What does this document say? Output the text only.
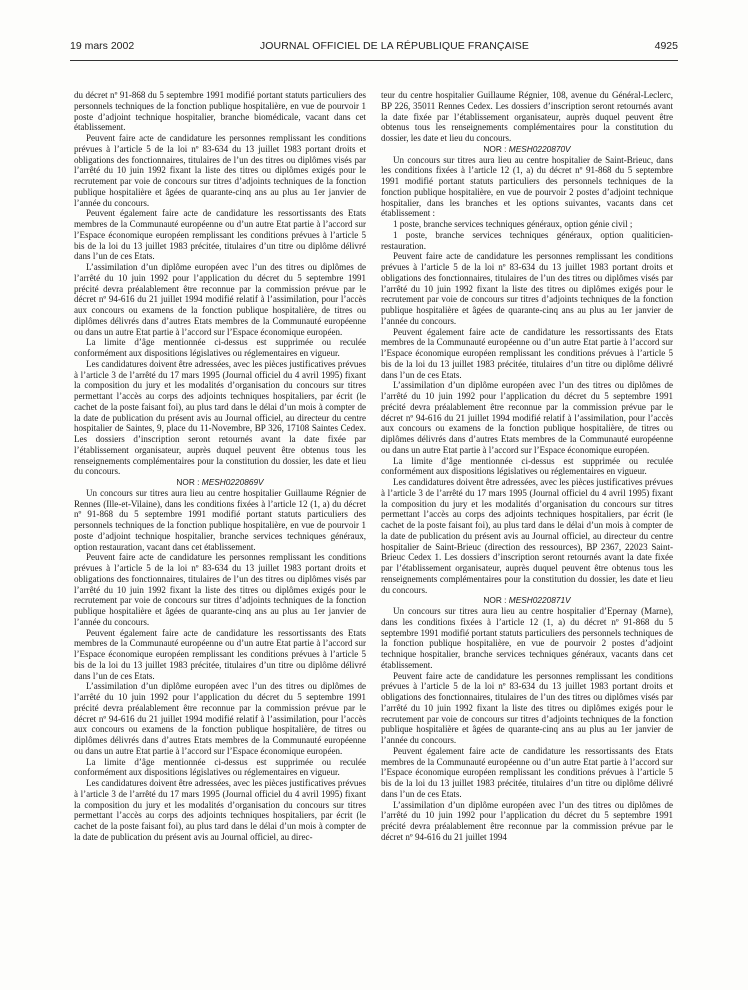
19 mars 2002	JOURNAL OFFICIEL DE LA RÉPUBLIQUE FRANÇAISE	4925

du décret nº 91-868 du 5 septembre 1991 modifié portant statuts particuliers des personnels techniques de la fonction publique hospitalière, en vue de pourvoir 1 poste d’adjoint technique hospitalier, branche biomédicale, vacant dans cet établissement.

Peuvent faire acte de candidature les personnes remplissant les conditions prévues à l’article 5 de la loi nº 83-634 du 13 juillet 1983 portant droits et obligations des fonctionnaires, titulaires de l’un des titres ou diplômes visés par l’arrêté du 10 juin 1992 fixant la liste des titres ou diplômes exigés pour le recrutement par voie de concours sur titres d’adjoints techniques de la fonction publique hospitalière et âgées de quarante-cinq ans au plus au 1er janvier de l’année du concours.

Peuvent également faire acte de candidature les ressortissants des Etats membres de la Communauté européenne ou d’un autre Etat partie à l’accord sur l’Espace économique européen remplissant les conditions prévues à l’article 5 bis de la loi du 13 juillet 1983 précitée, titulaires d’un titre ou diplôme délivré dans l’un de ces Etats.

L’assimilation d’un diplôme européen avec l’un des titres ou diplômes de l’arrêté du 10 juin 1992 pour l’application du décret du 5 septembre 1991 précité devra préalablement être reconnue par la commission prévue par le décret nº 94-616 du 21 juillet 1994 modifié relatif à l’assimilation, pour l’accès aux concours ou examens de la fonction publique hospitalière, de titres ou diplômes délivrés dans d’autres Etats membres de la Communauté européenne ou dans un autre Etat partie à l’accord sur l’Espace économique européen.

La limite d’âge mentionnée ci-dessus est supprimée ou reculée conformément aux dispositions législatives ou réglementaires en vigueur.

Les candidatures doivent être adressées, avec les pièces justificatives prévues à l’article 3 de l’arrêté du 17 mars 1995 (Journal officiel du 4 avril 1995) fixant la composition du jury et les modalités d’organisation du concours sur titres permettant l’accès au corps des adjoints techniques hospitaliers, par écrit (le cachet de la poste faisant foi), au plus tard dans le délai d’un mois à compter de la date de publication du présent avis au Journal officiel, au directeur du centre hospitalier de Saintes, 9, place du 11-Novembre, BP 326, 17108 Saintes Cedex. Les dossiers d’inscription seront retournés avant la date fixée par l’établissement organisateur, auprès duquel peuvent être obtenus tous les renseignements complémentaires pour la constitution du dossier, les date et lieu du concours.

NOR : MESH0220869V

Un concours sur titres aura lieu au centre hospitalier Guillaume Régnier de Rennes (Ille-et-Vilaine), dans les conditions fixées à l’article 12 (1, a) du décret nº 91-868 du 5 septembre 1991 modifié portant statuts particuliers des personnels techniques de la fonction publique hospitalière, en vue de pourvoir 1 poste d’adjoint technique hospitalier, branche services techniques généraux, option restauration, vacant dans cet établissement.

Peuvent faire acte de candidature les personnes remplissant les conditions prévues à l’article 5 de la loi nº 83-634 du 13 juillet 1983 portant droits et obligations des fonctionnaires, titulaires de l’un des titres ou diplômes visés par l’arrêté du 10 juin 1992 fixant la liste des titres ou diplômes exigés pour le recrutement par voie de concours sur titres d’adjoints techniques de la fonction publique hospitalière et âgées de quarante-cinq ans au plus au 1er janvier de l’année du concours.

Peuvent également faire acte de candidature les ressortissants des Etats membres de la Communauté européenne ou d’un autre Etat partie à l’accord sur l’Espace économique européen remplissant les conditions prévues à l’article 5 bis de la loi du 13 juillet 1983 précitée, titulaires d’un titre ou diplôme délivré dans l’un de ces Etats.

L’assimilation d’un diplôme européen avec l’un des titres ou diplômes de l’arrêté du 10 juin 1992 pour l’application du décret du 5 septembre 1991 précité devra préalablement être reconnue par la commission prévue par le décret nº 94-616 du 21 juillet 1994 modifié relatif à l’assimilation, pour l’accès aux concours ou examens de la fonction publique hospitalière, de titres ou diplômes délivrés dans d’autres Etats membres de la Communauté européenne ou dans un autre Etat partie à l’accord sur l’Espace économique européen.

La limite d’âge mentionnée ci-dessus est supprimée ou reculée conformément aux dispositions législatives ou réglementaires en vigueur.

Les candidatures doivent être adressées, avec les pièces justificatives prévues à l’article 3 de l’arrêté du 17 mars 1995 (Journal officiel du 4 avril 1995) fixant la composition du jury et les modalités d’organisation du concours sur titres permettant l’accès au corps des adjoints techniques hospitaliers, par écrit (le cachet de la poste faisant foi), au plus tard dans le délai d’un mois à compter de la date de publication du présent avis au Journal officiel, au direc-

teur du centre hospitalier Guillaume Régnier, 108, avenue du Général-Leclerc, BP 226, 35011 Rennes Cedex. Les dossiers d’inscription seront retournés avant la date fixée par l’établissement organisateur, auprès duquel peuvent être obtenus tous les renseignements complémentaires pour la constitution du dossier, les date et lieu du concours.

NOR : MESH0220870V

Un concours sur titres aura lieu au centre hospitalier de Saint-Brieuc, dans les conditions fixées à l’article 12 (1, a) du décret nº 91-868 du 5 septembre 1991 modifié portant statuts particuliers des personnels techniques de la fonction publique hospitalière, en vue de pourvoir 2 postes d’adjoint technique hospitalier, dans les branches et les options suivantes, vacants dans cet établissement :

1 poste, branche services techniques généraux, option génie civil ;

1 poste, branche services techniques généraux, option qualiticien-restauration.

Peuvent faire acte de candidature les personnes remplissant les conditions prévues à l’article 5 de la loi nº 83-634 du 13 juillet 1983 portant droits et obligations des fonctionnaires, titulaires de l’un des titres ou diplômes visés par l’arrêté du 10 juin 1992 fixant la liste des titres ou diplômes exigés pour le recrutement par voie de concours sur titres d’adjoints techniques de la fonction publique hospitalière et âgées de quarante-cinq ans au plus au 1er janvier de l’année du concours.

Peuvent également faire acte de candidature les ressortissants des Etats membres de la Communauté européenne ou d’un autre Etat partie à l’accord sur l’Espace économique européen remplissant les conditions prévues à l’article 5 bis de la loi du 13 juillet 1983 précitée, titulaires d’un titre ou diplôme délivré dans l’un de ces Etats.

L’assimilation d’un diplôme européen avec l’un des titres ou diplômes de l’arrêté du 10 juin 1992 pour l’application du décret du 5 septembre 1991 précité devra préalablement être reconnue par la commission prévue par le décret nº 94-616 du 21 juillet 1994 modifié relatif à l’assimilation, pour l’accès aux concours ou examens de la fonction publique hospitalière, de titres ou diplômes délivrés dans d’autres Etats membres de la Communauté européenne ou dans un autre Etat partie à l’accord sur l’Espace économique européen.

La limite d’âge mentionnée ci-dessus est supprimée ou reculée conformément aux dispositions législatives ou réglementaires en vigueur.

Les candidatures doivent être adressées, avec les pièces justificatives prévues à l’article 3 de l’arrêté du 17 mars 1995 (Journal officiel du 4 avril 1995) fixant la composition du jury et les modalités d’organisation du concours sur titres permettant l’accès au corps des adjoints techniques hospitaliers, par écrit (le cachet de la poste faisant foi), au plus tard dans le délai d’un mois à compter de la date de publication du présent avis au Journal officiel, au directeur du centre hospitalier de Saint-Brieuc (direction des ressources), BP 2367, 22023 Saint-Brieuc Cedex 1. Les dossiers d’inscription seront retournés avant la date fixée par l’établissement organisateur, auprès duquel peuvent être obtenus tous les renseignements complémentaires pour la constitution du dossier, les date et lieu du concours.

NOR : MESH0220871V

Un concours sur titres aura lieu au centre hospitalier d’Epernay (Marne), dans les conditions fixées à l’article 12 (1, a) du décret nº 91-868 du 5 septembre 1991 modifié portant statuts particuliers des personnels techniques de la fonction publique hospitalière, en vue de pourvoir 2 postes d’adjoint technique hospitalier, branche services techniques généraux, vacants dans cet établissement.

Peuvent faire acte de candidature les personnes remplissant les conditions prévues à l’article 5 de la loi nº 83-634 du 13 juillet 1983 portant droits et obligations des fonctionnaires, titulaires de l’un des titres ou diplômes visés par l’arrêté du 10 juin 1992 fixant la liste des titres ou diplômes exigés pour le recrutement par voie de concours sur titres d’adjoints techniques de la fonction publique hospitalière et âgées de quarante-cinq ans au plus au 1er janvier de l’année du concours.

Peuvent également faire acte de candidature les ressortissants des Etats membres de la Communauté européenne ou d’un autre Etat partie à l’accord sur l’Espace économique européen remplissant les conditions prévues à l’article 5 bis de la loi du 13 juillet 1983 précitée, titulaires d’un titre ou diplôme délivré dans l’un de ces Etats.

L’assimilation d’un diplôme européen avec l’un des titres ou diplômes de l’arrêté du 10 juin 1992 pour l’application du décret du 5 septembre 1991 précité devra préalablement être reconnue par la commission prévue par le décret nº 94-616 du 21 juillet 1994
